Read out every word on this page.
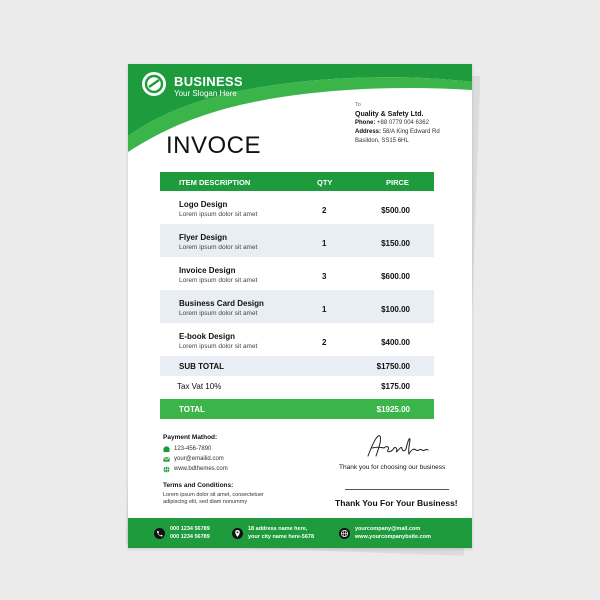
BUSINESS
Your Slogan Here
To
Quality & Safety Ltd.
Phone: +88 0779 004 6362
Address: 58/A King Edward Rd
Basildon, SS15 6HL
INVOCE
ITEM DESCRIPTION	QTY	PIRCE
Logo Design
Lorem ipsum dolor sit amet	2	$500.00
Flyer Design
Lorem ipsum dolor sit amet	1	$150.00
Invoice Design
Lorem ipsum dolor sit amet	3	$600.00
Business Card Design
Lorem ipsum dolor sit amet	1	$100.00
E-book Design
Lorem ipsum dolor sit amet	2	$400.00
SUB TOTAL	$1750.00
Tax Vat 10%	$175.00
TOTAL	$1925.00
Payment Mathod:
123-456-7890
your@emailid.com
www.bdthemes.com
Terms and Conditions:
Lorem ipsum dolor sit amet, consectetuer
adipiscing elit, sed diam nonummy
Thank you for choosing our business
Thank You For Your Business!
000 1234 56789
000 1234 56789
18 address name here,
your city name here-5678
yourcompany@mail.com
www.yourcompanybsite.com
